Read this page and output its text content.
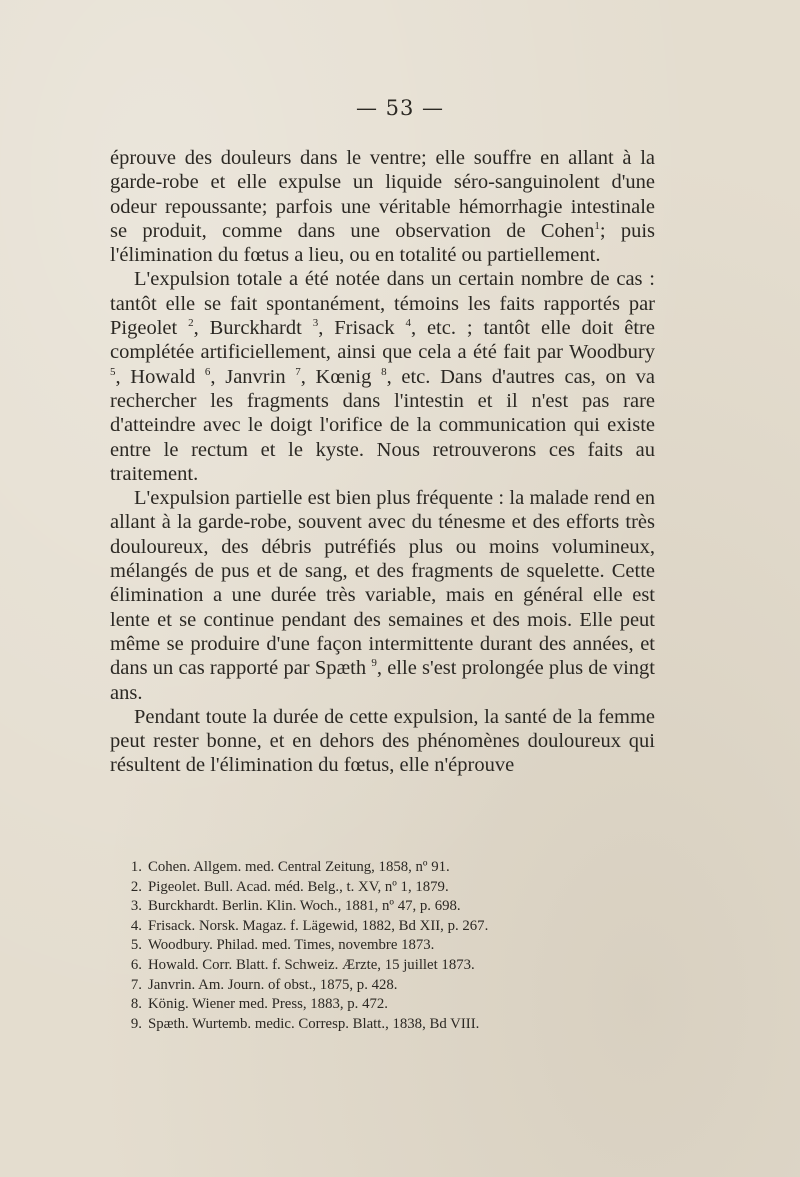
— 53 —

éprouve des douleurs dans le ventre; elle souffre en allant à la garde-robe et elle expulse un liquide séro-sanguinolent d'une odeur repoussante; parfois une véritable hémorrhagie intestinale se produit, comme dans une observation de Cohen$^1$; puis l'élimination du fœtus a lieu, ou en totalité ou partiellement.

L'expulsion totale a été notée dans un certain nombre de cas : tantôt elle se fait spontanément, témoins les faits rapportés par Pigeolet $^2$, Burckhardt $^3$, Frisack $^4$, etc. ; tantôt elle doit être complétée artificiellement, ainsi que cela a été fait par Woodbury $^5$, Howald $^6$, Janvrin $^7$, Kœnig $^8$, etc. Dans d'autres cas, on va rechercher les fragments dans l'intestin et il n'est pas rare d'atteindre avec le doigt l'orifice de la communication qui existe entre le rectum et le kyste. Nous retrouverons ces faits au traitement.

L'expulsion partielle est bien plus fréquente : la malade rend en allant à la garde-robe, souvent avec du ténesme et des efforts très douloureux, des débris putréfiés plus ou moins volumineux, mélangés de pus et de sang, et des fragments de squelette. Cette élimination a une durée très variable, mais en général elle est lente et se continue pendant des semaines et des mois. Elle peut même se produire d'une façon intermittente durant des années, et dans un cas rapporté par Spæth $^9$, elle s'est prolongée plus de vingt ans.

Pendant toute la durée de cette expulsion, la santé de la femme peut rester bonne, et en dehors des phénomènes douloureux qui résultent de l'élimination du fœtus, elle n'éprouve

1. Cohen. Allgem. med. Central Zeitung, 1858, nº 91.
2. Pigeolet. Bull. Acad. méd. Belg., t. XV, nº 1, 1879.
3. Burckhardt. Berlin. Klin. Woch., 1881, nº 47, p. 698.
4. Frisack. Norsk. Magaz. f. Lägewid, 1882, Bd XII, p. 267.
5. Woodbury. Philad. med. Times, novembre 1873.
6. Howald. Corr. Blatt. f. Schweiz. Ærzte, 15 juillet 1873.
7. Janvrin. Am. Journ. of obst., 1875, p. 428.
8. König. Wiener med. Press, 1883, p. 472.
9. Spæth. Wurtemb. medic. Corresp. Blatt., 1838, Bd VIII.
